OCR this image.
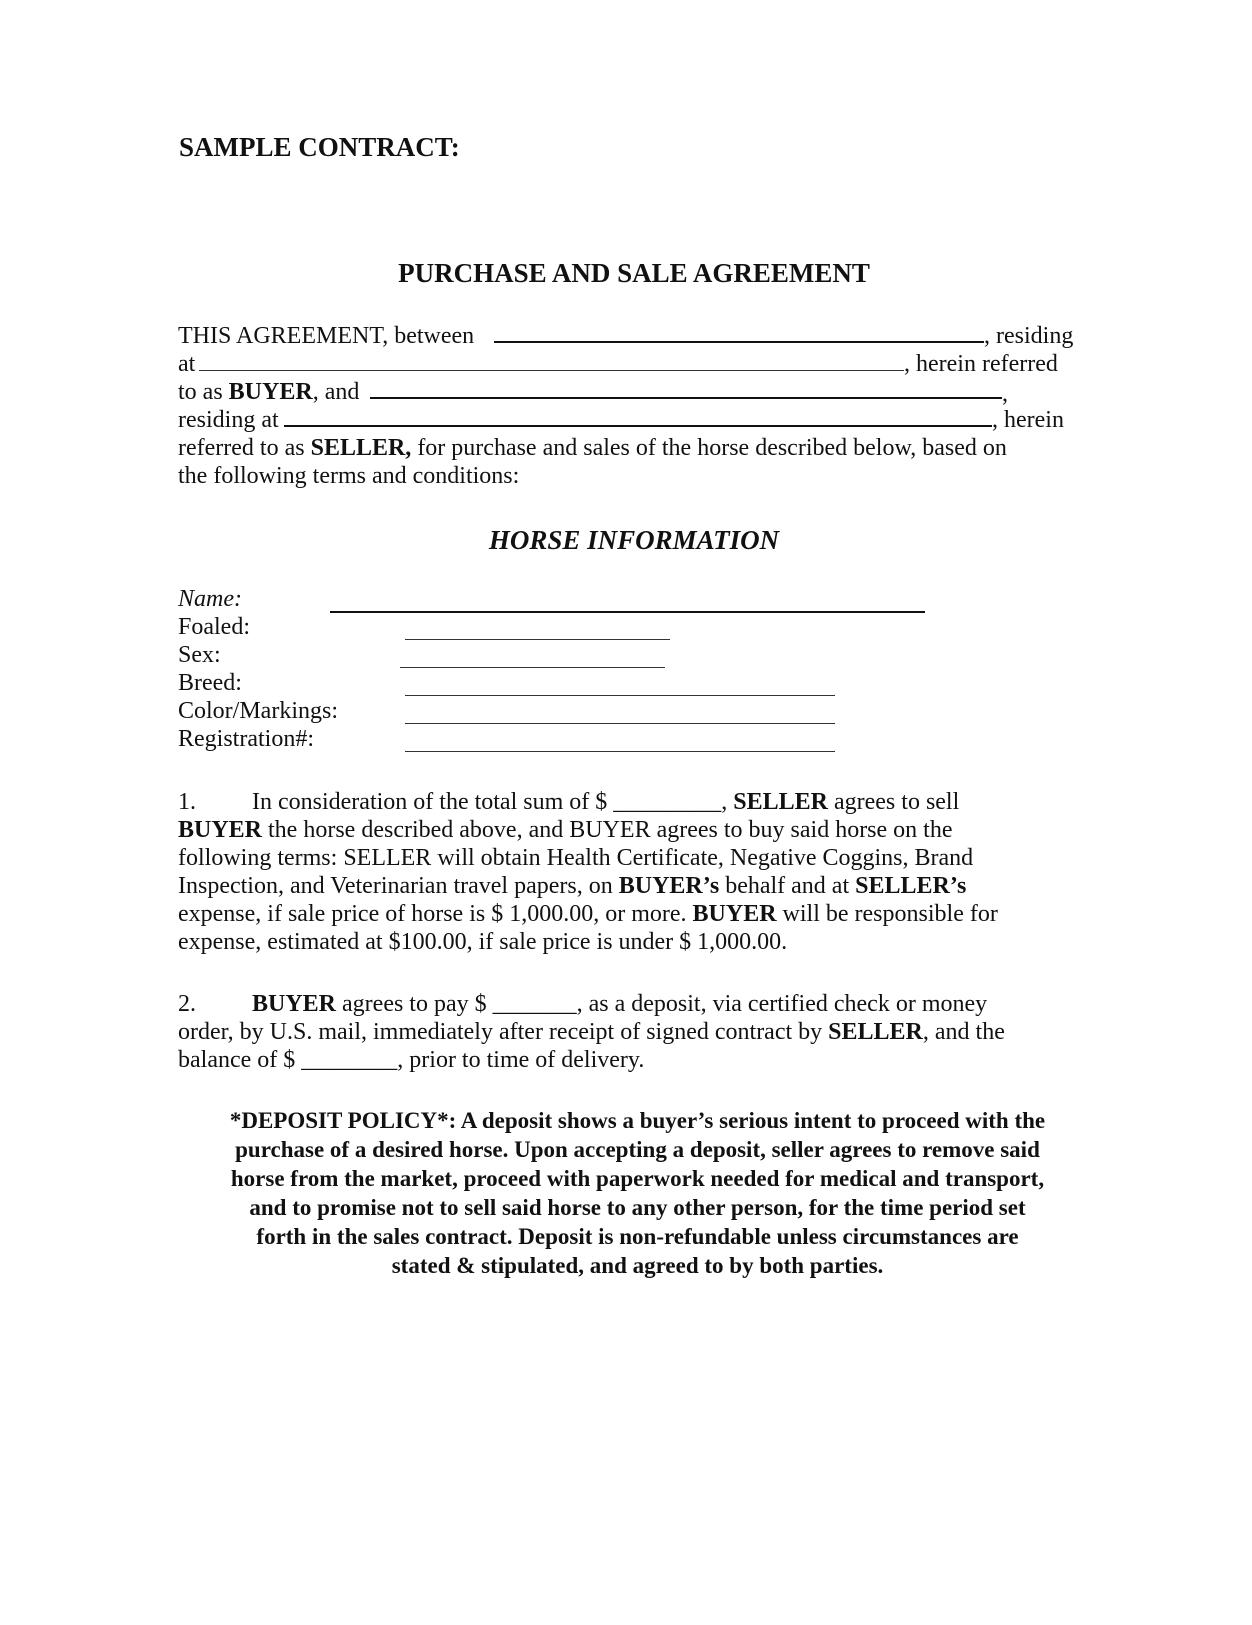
SAMPLE CONTRACT:
PURCHASE AND SALE AGREEMENT
THIS AGREEMENT, between	, residing
at	, herein referred
to as BUYER, and	,
residing at	, herein
referred to as SELLER, for purchase and sales of the horse described below, based on
the following terms and conditions:
HORSE INFORMATION
Name:
Foaled:
Sex:
Breed:
Color/Markings:
Registration#:
1. In consideration of the total sum of $ _________, SELLER agrees to sell
BUYER the horse described above, and BUYER agrees to buy said horse on the
following terms: SELLER will obtain Health Certificate, Negative Coggins, Brand
Inspection, and Veterinarian travel papers, on BUYER’s behalf and at SELLER’s
expense, if sale price of horse is $ 1,000.00, or more. BUYER will be responsible for
expense, estimated at $100.00, if sale price is under $ 1,000.00.
2. BUYER agrees to pay $ _______, as a deposit, via certified check or money
order, by U.S. mail, immediately after receipt of signed contract by SELLER, and the
balance of $ ________, prior to time of delivery.

*DEPOSIT POLICY*: A deposit shows a buyer’s serious intent to proceed with the

purchase of a desired horse. Upon accepting a deposit, seller agrees to remove said

horse from the market, proceed with paperwork needed for medical and transport,

and to promise not to sell said horse to any other person, for the time period set

forth in the sales contract. Deposit is non-refundable unless circumstances are

stated & stipulated, and agreed to by both parties.
